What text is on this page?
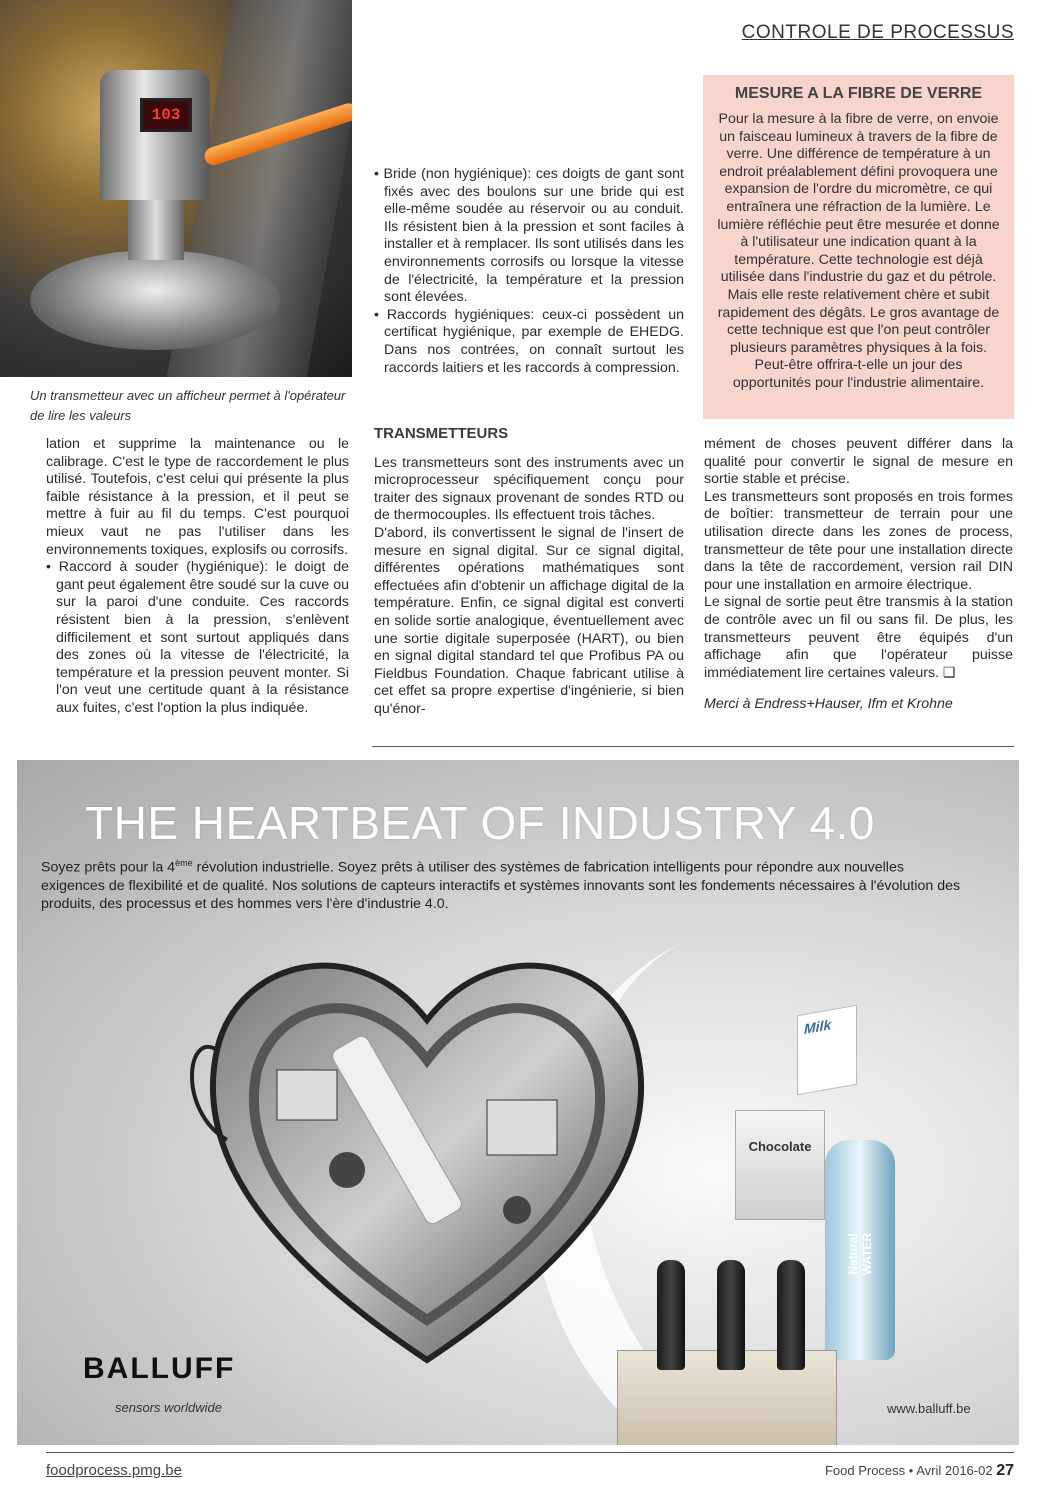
CONTROLE DE PROCESSUS
103
Un transmetteur avec un afficheur permet à l'opérateur de lire les valeurs

lation et supprime la maintenance ou le calibrage. C'est le type de raccordement le plus utilisé. Toutefois, c'est celui qui présente la plus faible résistance à la pression, et il peut se mettre à fuir au fil du temps. C'est pourquoi mieux vaut ne pas l'utiliser dans les environnements toxiques, explosifs ou corrosifs.

• Raccord à souder (hygiénique): le doigt de gant peut également être soudé sur la cuve ou sur la paroi d'une conduite. Ces raccords résistent bien à la pression, s'enlèvent difficilement et sont surtout appliqués dans des zones où la vitesse de l'électricité, la température et la pression peuvent monter. Si l'on veut une certitude quant à la résistance aux fuites, c'est l'option la plus indiquée.

• Bride (non hygiénique): ces doigts de gant sont fixés avec des boulons sur une bride qui est elle-même soudée au réservoir ou au conduit. Ils résistent bien à la pression et sont faciles à installer et à remplacer. Ils sont utilisés dans les environnements corrosifs ou lorsque la vitesse de l'électricité, la température et la pression sont élevées.

• Raccords hygiéniques: ceux-ci possèdent un certificat hygiénique, par exemple de EHEDG. Dans nos contrées, on connaît surtout les raccords laitiers et les raccords à compression.

TRANSMETTEURS

Les transmetteurs sont des instruments avec un microprocesseur spécifiquement conçu pour traiter des signaux provenant de sondes RTD ou de thermocouples. Ils effectuent trois tâches.

D'abord, ils convertissent le signal de l'insert de mesure en signal digital. Sur ce signal digital, différentes opérations mathématiques sont effectuées afin d'obtenir un affichage digital de la température. Enfin, ce signal digital est converti en solide sortie analogique, éventuellement avec une sortie digitale superposée (HART), ou bien en signal digital standard tel que Profibus PA ou Fieldbus Foundation. Chaque fabricant utilise à cet effet sa propre expertise d'ingénierie, si bien qu'énor-

MESURE A LA FIBRE DE VERRE

Pour la mesure à la fibre de verre, on envoie un faisceau lumineux à travers de la fibre de verre. Une différence de température à un endroit préalablement défini provoquera une expansion de l'ordre du micromètre, ce qui entraînera une réfraction de la lumière. Le lumière réfléchie peut être mesurée et donne à l'utilisateur une indication quant à la température. Cette technologie est déjà utilisée dans l'industrie du gaz et du pétrole. Mais elle reste relativement chère et subit rapidement des dégâts. Le gros avantage de cette technique est que l'on peut contrôler plusieurs paramètres physiques à la fois. Peut-être offrira-t-elle un jour des opportunités pour l'industrie alimentaire.

mément de choses peuvent différer dans la qualité pour convertir le signal de mesure en sortie stable et précise.

Les transmetteurs sont proposés en trois formes de boîtier: transmetteur de terrain pour une utilisation directe dans les zones de process, transmetteur de tête pour une installation directe dans la tête de raccordement, version rail DIN pour une installation en armoire électrique.

Le signal de sortie peut être transmis à la station de contrôle avec un fil ou sans fil. De plus, les transmetteurs peuvent être équipés d'un affichage afin que l'opérateur puisse immédiatement lire certaines valeurs. ❑

Merci à Endress+Hauser, Ifm et Krohne

THE HEARTBEAT OF INDUSTRY 4.0
Soyez prêts pour la 4ème révolution industrielle. Soyez prêts à utiliser des systèmes de fabrication intelligents pour répondre aux nouvelles exigences de flexibilité et de qualité. Nos solutions de capteurs interactifs et systèmes innovants sont les fondements nécessaires à l'évolution des produits, des processus et des hommes vers l'ère d'industrie 4.0.
Milk
Chocolate
Natural WATER
BALLUFF
sensors worldwide	www.balluff.be
foodprocess.pmg.be	Food Process • Avril 2016-02 27
